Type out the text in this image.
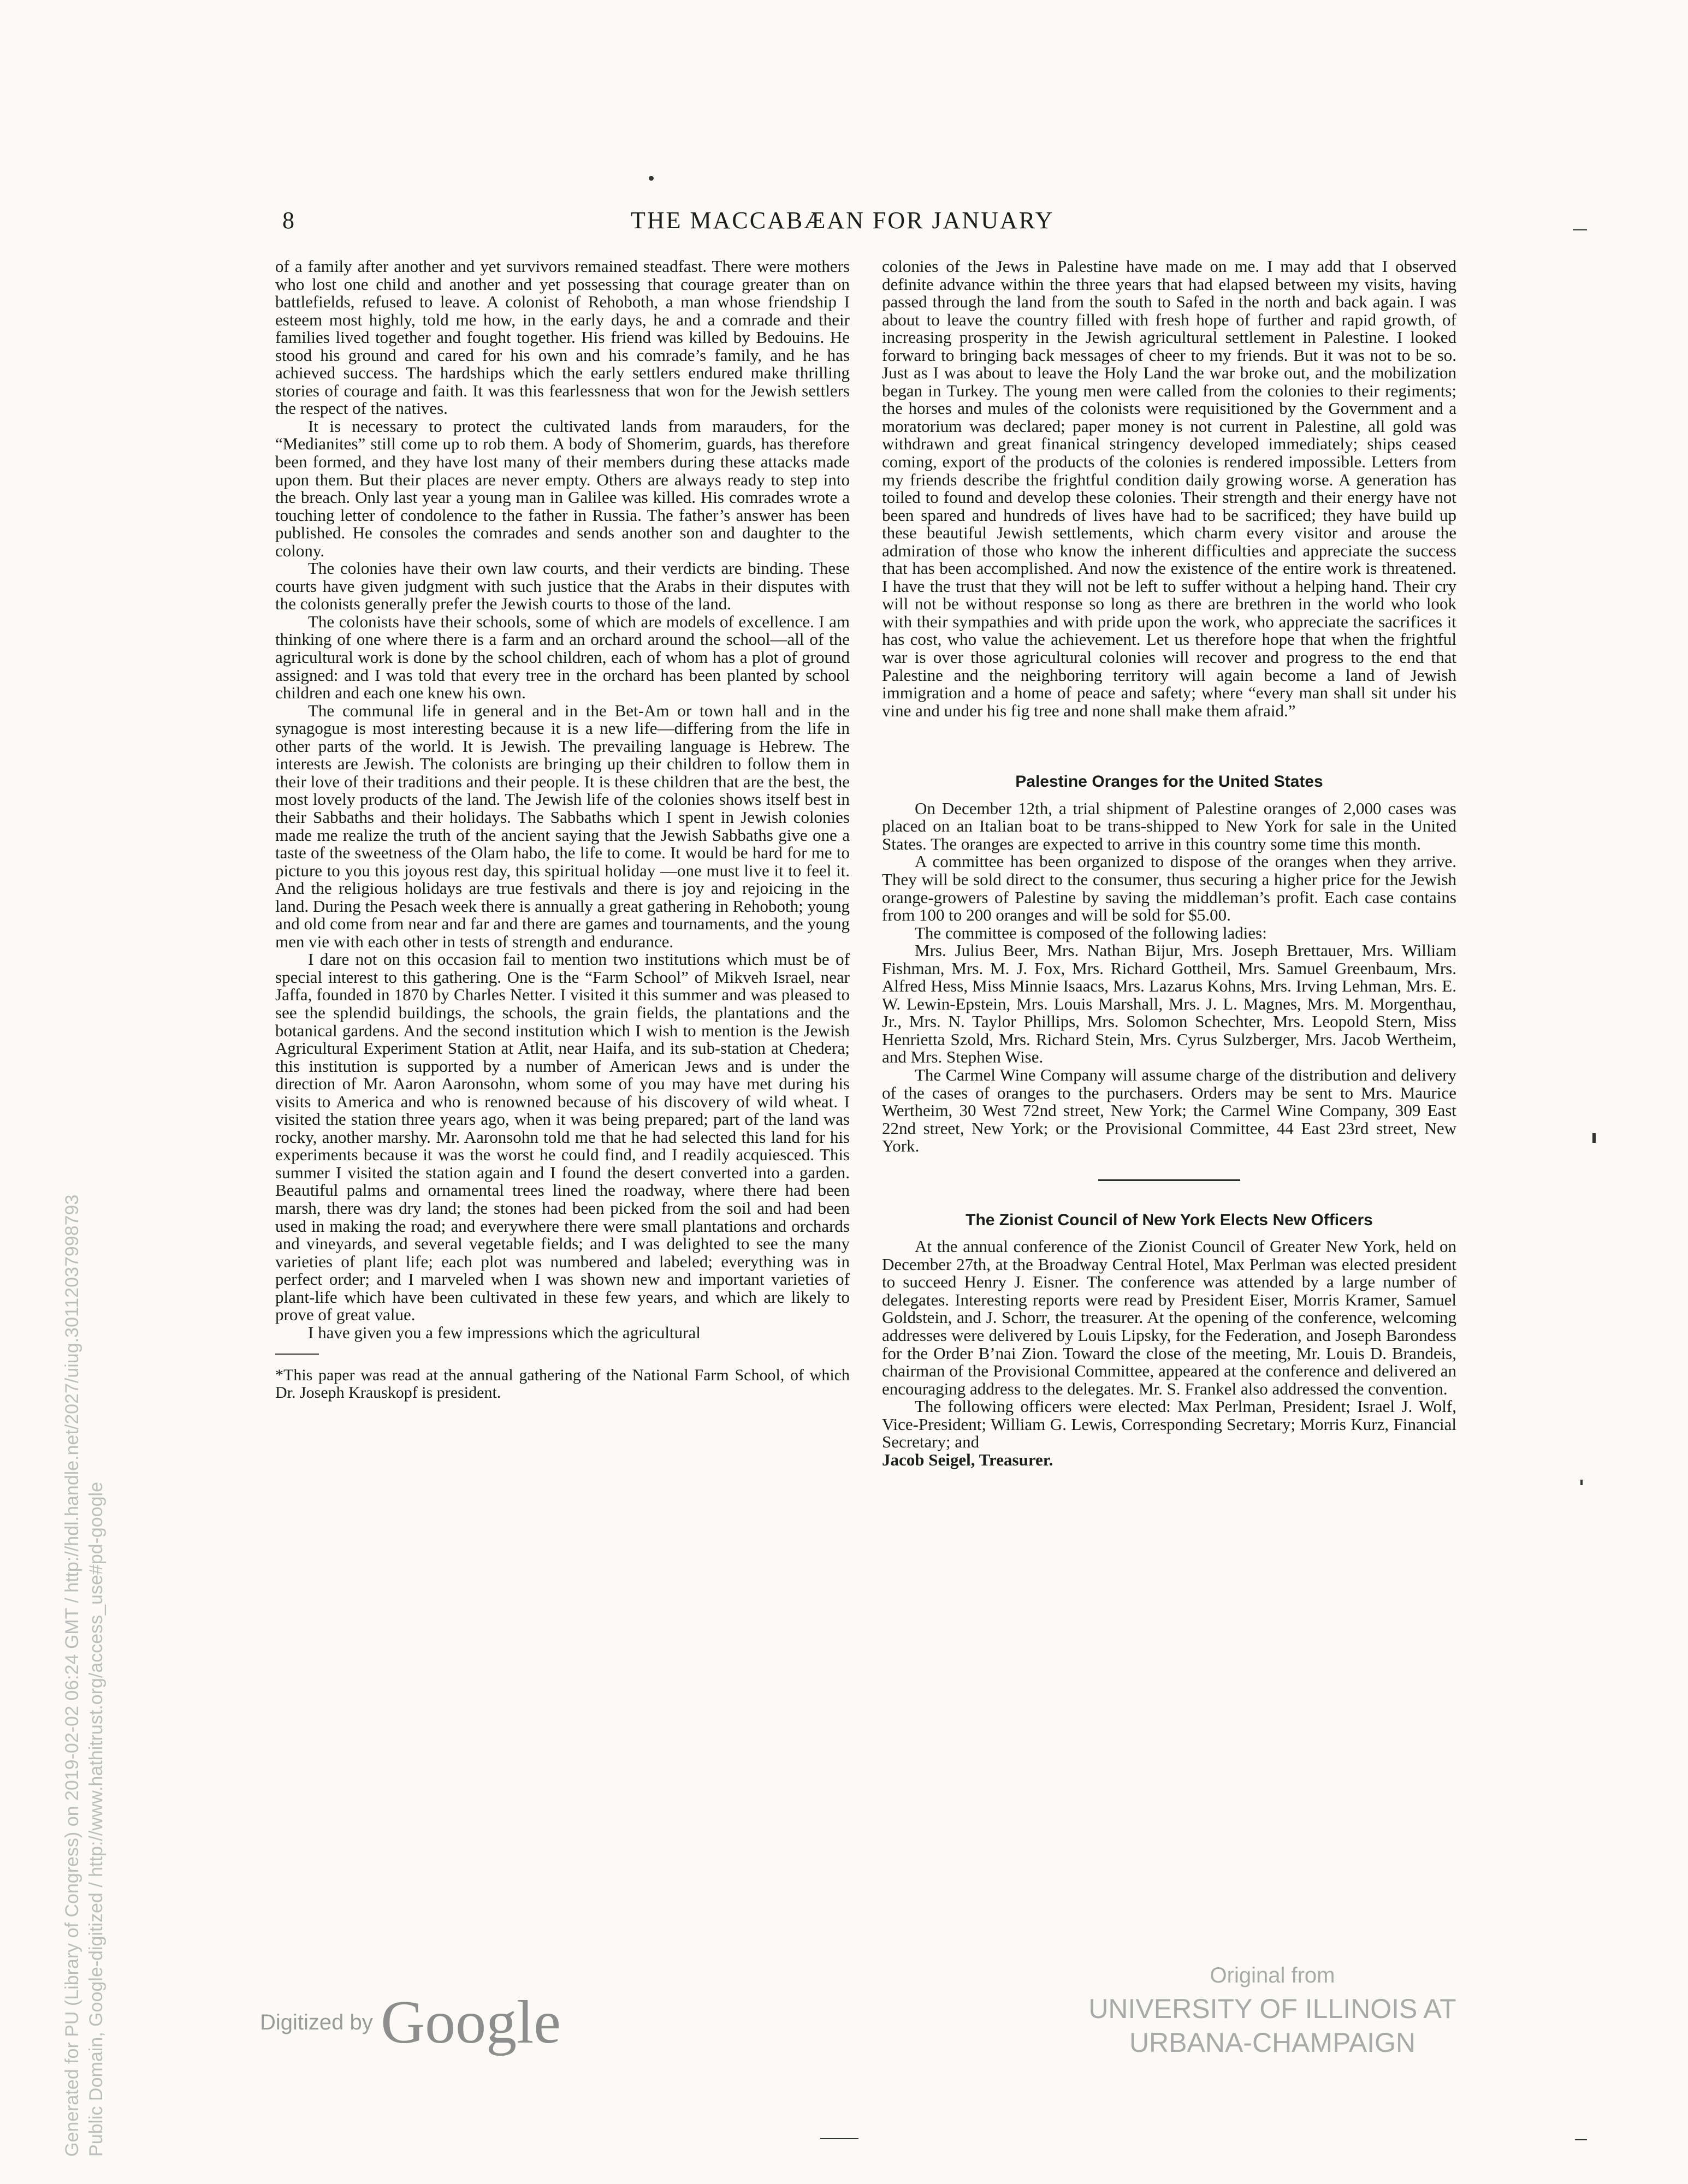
8	THE MACCABÆAN FOR JANUARY

of a family after another and yet survivors remained steadfast. There were mothers who lost one child and another and yet possessing that courage greater than on battlefields, refused to leave. A colonist of Rehoboth, a man whose friendship I esteem most highly, told me how, in the early days, he and a comrade and their families lived together and fought together. His friend was killed by Bedouins. He stood his ground and cared for his own and his comrade’s family, and he has achieved success. The hardships which the early settlers endured make thrilling stories of courage and faith. It was this fearlessness that won for the Jewish settlers the respect of the natives.

It is necessary to protect the cultivated lands from marauders, for the “Medianites” still come up to rob them. A body of Shomerim, guards, has therefore been formed, and they have lost many of their members during these attacks made upon them. But their places are never empty. Others are always ready to step into the breach. Only last year a young man in Galilee was killed. His comrades wrote a touching letter of condolence to the father in Russia. The father’s answer has been published. He consoles the comrades and sends another son and daughter to the colony.

The colonies have their own law courts, and their verdicts are binding. These courts have given judgment with such justice that the Arabs in their disputes with the colonists generally prefer the Jewish courts to those of the land.

The colonists have their schools, some of which are models of excellence. I am thinking of one where there is a farm and an orchard around the school—all of the agricultural work is done by the school children, each of whom has a plot of ground assigned: and I was told that every tree in the orchard has been planted by school children and each one knew his own.

The communal life in general and in the Bet-Am or town hall and in the synagogue is most interesting because it is a new life—differing from the life in other parts of the world. It is Jewish. The prevailing language is Hebrew. The interests are Jewish. The colonists are bringing up their children to follow them in their love of their traditions and their people. It is these children that are the best, the most lovely products of the land. The Jewish life of the colonies shows itself best in their Sabbaths and their holidays. The Sabbaths which I spent in Jewish colonies made me realize the truth of the ancient saying that the Jewish Sabbaths give one a taste of the sweetness of the Olam habo, the life to come. It would be hard for me to picture to you this joyous rest day, this spiritual holiday —one must live it to feel it. And the religious holidays are true festivals and there is joy and rejoicing in the land. During the Pesach week there is annually a great gathering in Rehoboth; young and old come from near and far and there are games and tournaments, and the young men vie with each other in tests of strength and endurance.

I dare not on this occasion fail to mention two institutions which must be of special interest to this gathering. One is the “Farm School” of Mikveh Israel, near Jaffa, founded in 1870 by Charles Netter. I visited it this summer and was pleased to see the splendid buildings, the schools, the grain fields, the plantations and the botanical gardens. And the second institution which I wish to mention is the Jewish Agricultural Experiment Station at Atlit, near Haifa, and its sub-station at Chedera; this institution is supported by a number of American Jews and is under the direction of Mr. Aaron Aaronsohn, whom some of you may have met during his visits to America and who is renowned because of his discovery of wild wheat. I visited the station three years ago, when it was being prepared; part of the land was rocky, another marshy. Mr. Aaronsohn told me that he had selected this land for his experiments because it was the worst he could find, and I readily acquiesced. This summer I visited the station again and I found the desert converted into a garden. Beautiful palms and ornamental trees lined the roadway, where there had been marsh, there was dry land; the stones had been picked from the soil and had been used in making the road; and everywhere there were small plantations and orchards and vineyards, and several vegetable fields; and I was delighted to see the many varieties of plant life; each plot was numbered and labeled; everything was in perfect order; and I marveled when I was shown new and important varieties of plant-life which have been cultivated in these few years, and which are likely to prove of great value.

I have given you a few impressions which the agricultural

*This paper was read at the annual gathering of the National Farm School, of which Dr. Joseph Krauskopf is president.

colonies of the Jews in Palestine have made on me. I may add that I observed definite advance within the three years that had elapsed between my visits, having passed through the land from the south to Safed in the north and back again. I was about to leave the country filled with fresh hope of further and rapid growth, of increasing prosperity in the Jewish agricultural settlement in Palestine. I looked forward to bringing back messages of cheer to my friends. But it was not to be so. Just as I was about to leave the Holy Land the war broke out, and the mobilization began in Turkey. The young men were called from the colonies to their regiments; the horses and mules of the colonists were requisitioned by the Government and a moratorium was declared; paper money is not current in Palestine, all gold was withdrawn and great finanical stringency developed immediately; ships ceased coming, export of the products of the colonies is rendered impossible. Letters from my friends describe the frightful condition daily growing worse. A generation has toiled to found and develop these colonies. Their strength and their energy have not been spared and hundreds of lives have had to be sacrificed; they have build up these beautiful Jewish settlements, which charm every visitor and arouse the admiration of those who know the inherent difficulties and appreciate the success that has been accomplished. And now the existence of the entire work is threatened. I have the trust that they will not be left to suffer without a helping hand. Their cry will not be without response so long as there are brethren in the world who look with their sympathies and with pride upon the work, who appreciate the sacrifices it has cost, who value the achievement. Let us therefore hope that when the frightful war is over those agricultural colonies will recover and progress to the end that Palestine and the neighboring territory will again become a land of Jewish immigration and a home of peace and safety; where “every man shall sit under his vine and under his fig tree and none shall make them afraid.”

Palestine Oranges for the United States

On December 12th, a trial shipment of Palestine oranges of 2,000 cases was placed on an Italian boat to be trans-shipped to New York for sale in the United States. The oranges are expected to arrive in this country some time this month.

A committee has been organized to dispose of the oranges when they arrive. They will be sold direct to the consumer, thus securing a higher price for the Jewish orange-growers of Palestine by saving the middleman’s profit. Each case contains from 100 to 200 oranges and will be sold for $5.00.

The committee is composed of the following ladies:

Mrs. Julius Beer, Mrs. Nathan Bijur, Mrs. Joseph Brettauer, Mrs. William Fishman, Mrs. M. J. Fox, Mrs. Richard Gottheil, Mrs. Samuel Greenbaum, Mrs. Alfred Hess, Miss Minnie Isaacs, Mrs. Lazarus Kohns, Mrs. Irving Lehman, Mrs. E. W. Lewin-Epstein, Mrs. Louis Marshall, Mrs. J. L. Magnes, Mrs. M. Morgenthau, Jr., Mrs. N. Taylor Phillips, Mrs. Solomon Schechter, Mrs. Leopold Stern, Miss Henrietta Szold, Mrs. Richard Stein, Mrs. Cyrus Sulzberger, Mrs. Jacob Wertheim, and Mrs. Stephen Wise.

The Carmel Wine Company will assume charge of the distribution and delivery of the cases of oranges to the purchasers. Orders may be sent to Mrs. Maurice Wertheim, 30 West 72nd street, New York; the Carmel Wine Company, 309 East 22nd street, New York; or the Provisional Committee, 44 East 23rd street, New York.

The Zionist Council of New York Elects New Officers

At the annual conference of the Zionist Council of Greater New York, held on December 27th, at the Broadway Central Hotel, Max Perlman was elected president to succeed Henry J. Eisner. The conference was attended by a large number of delegates. Interesting reports were read by President Eiser, Morris Kramer, Samuel Goldstein, and J. Schorr, the treasurer. At the opening of the conference, welcoming addresses were delivered by Louis Lipsky, for the Federation, and Joseph Barondess for the Order B’nai Zion. Toward the close of the meeting, Mr. Louis D. Brandeis, chairman of the Provisional Committee, appeared at the conference and delivered an encouraging address to the delegates. Mr. S. Frankel also addressed the convention.

The following officers were elected: Max Perlman, President; Israel J. Wolf, Vice-President; William G. Lewis, Corresponding Secretary; Morris Kurz, Financial Secretary; and

Jacob Seigel, Treasurer.

Generated for PU (Library of Congress) on 2019-02-02 06:24 GMT / http://hdl.handle.net/2027/uiug.30112037998793 Public Domain, Google-digitized / http://www.hathitrust.org/access_use#pd-google	Digitized by Google
Original from
UNIVERSITY OF ILLINOIS AT
URBANA-CHAMPAIGN
